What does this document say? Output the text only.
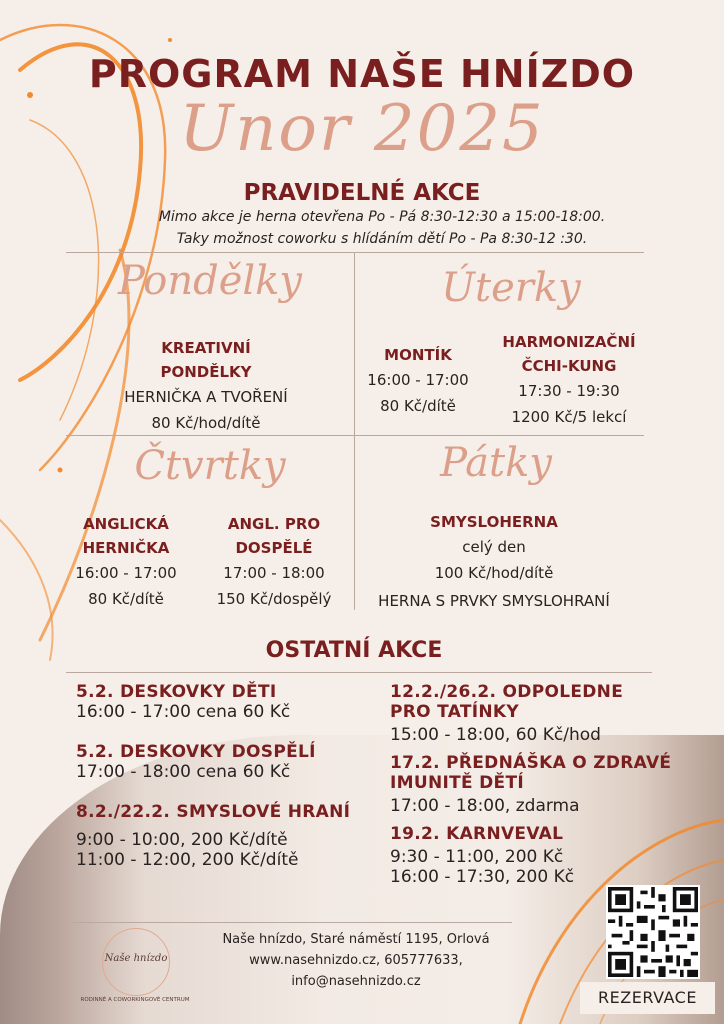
PROGRAM NAŠE HNÍZDO
Unor 2025
PRAVIDELNÉ AKCE
Mimo akce je herna otevřena Po - Pá 8:30-12:30 a 15:00-18:00.
Taky možnost coworku s hlídáním dětí Po - Pa 8:30-12 :30.
Pondělky
KREATIVNÍ
PONDĚLKY
HERNIČKA A TVOŘENÍ
80 Kč/hod/dítě
Úterky
MONTÍK
16:00 - 17:00
80 Kč/dítě
HARMONIZAČNÍ
ČCHI-KUNG
17:30 - 19:30
1200 Kč/5 lekcí
Čtvrtky
ANGLICKÁ
HERNIČKA
16:00 - 17:00
80 Kč/dítě
ANGL. PRO
DOSPĚLÉ
17:00 - 18:00
150 Kč/dospělý
Pátky
SMYSLOHERNA
celý den
100 Kč/hod/dítě
HERNA S PRVKY SMYSLOHRANÍ
OSTATNÍ AKCE
5.2. DESKOVKY DĚTI
16:00 - 17:00 cena 60 Kč
5.2. DESKOVKY DOSPĚLÍ
17:00 - 18:00 cena 60 Kč
8.2./22.2. SMYSLOVÉ HRANÍ
9:00 - 10:00, 200 Kč/dítě
11:00 - 12:00, 200 Kč/dítě
12.2./26.2. ODPOLEDNE
PRO TATÍNKY
15:00 - 18:00, 60 Kč/hod
17.2. PŘEDNÁŠKA O ZDRAVÉ
IMUNITĚ DĚTÍ
17:00 - 18:00, zdarma
19.2. KARNVEVAL
9:30 - 11:00, 200 Kč
16:00 - 17:30, 200 Kč
Naše hnízdo
RODINNÉ A COWORKINGOVÉ CENTRUM
Naše hnízdo, Staré náměstí 1195, Orlová
www.nasehnizdo.cz, 605777633,
info@nasehnizdo.cz
REZERVACE
